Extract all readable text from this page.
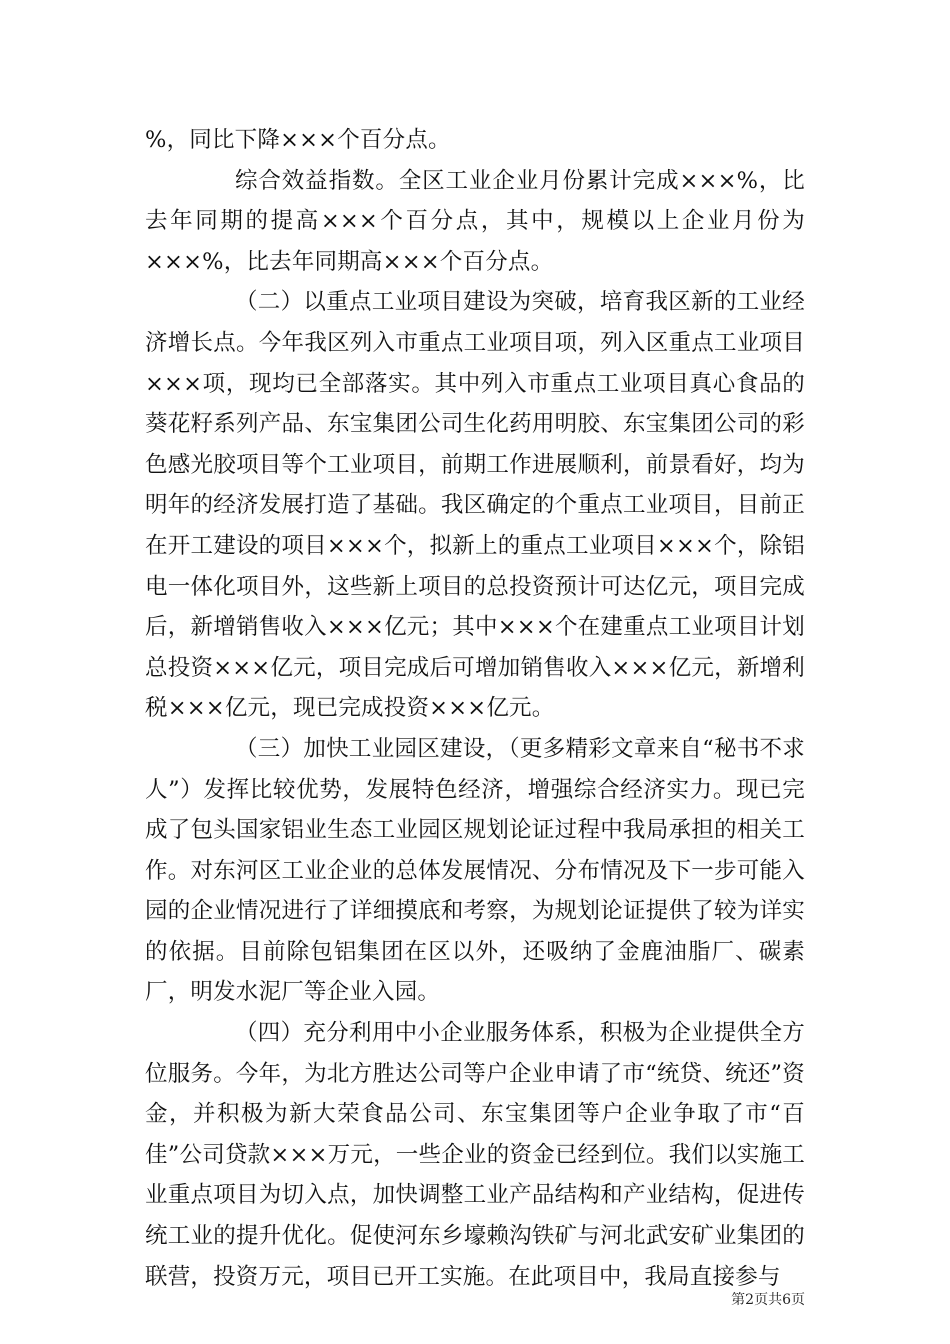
%，同比下降×××个百分点。

综合效益指数。全区工业企业月份累计完成×××%，比去年同期的提高×××个百分点，其中，规模以上企业月份为×××%，比去年同期高×××个百分点。

（二）以重点工业项目建设为突破，培育我区新的工业经济增长点。今年我区列入市重点工业项目项，列入区重点工业项目×××项，现均已全部落实。其中列入市重点工业项目真心食品的葵花籽系列产品、东宝集团公司生化药用明胶、东宝集团公司的彩色感光胶项目等个工业项目，前期工作进展顺利，前景看好，均为明年的经济发展打造了基础。我区确定的个重点工业项目，目前正在开工建设的项目×××个，拟新上的重点工业项目×××个，除铝电一体化项目外，这些新上项目的总投资预计可达亿元，项目完成后，新增销售收入×××亿元；其中×××个在建重点工业项目计划总投资×××亿元，项目完成后可增加销售收入×××亿元，新增利税×××亿元，现已完成投资×××亿元。

（三）加快工业园区建设，（更多精彩文章来自“秘书不求人”）发挥比较优势，发展特色经济，增强综合经济实力。现已完成了包头国家铝业生态工业园区规划论证过程中我局承担的相关工作。对东河区工业企业的总体发展情况、分布情况及下一步可能入园的企业情况进行了详细摸底和考察，为规划论证提供了较为详实的依据。目前除包铝集团在区以外，还吸纳了金鹿油脂厂、碳素厂，明发水泥厂等企业入园。

（四）充分利用中小企业服务体系，积极为企业提供全方位服务。今年，为北方胜达公司等户企业申请了市“统贷、统还”资金，并积极为新大荣食品公司、东宝集团等户企业争取了市“百佳”公司贷款×××万元，一些企业的资金已经到位。我们以实施工业重点项目为切入点，加快调整工业产品结构和产业结构，促进传统工业的提升优化。促使河东乡壕赖沟铁矿与河北武安矿业集团的联营，投资万元，项目已开工实施。在此项目中，我局直接参与

第2页共6页
